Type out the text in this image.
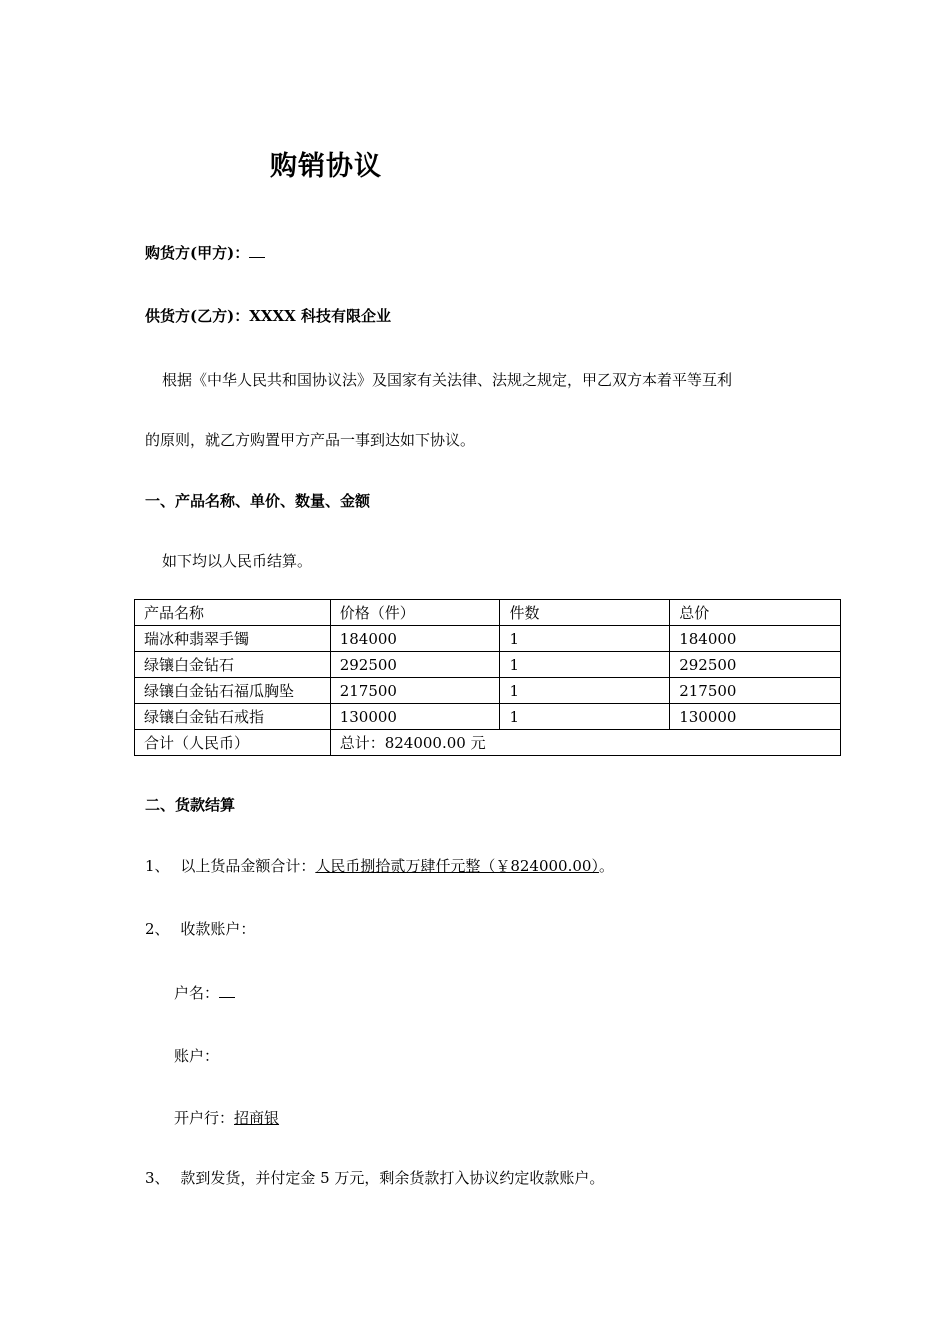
购销协议
购货方(甲方)：
供货方(乙方)：XXXX 科技有限企业
根据《中华人民共和国协议法》及国家有关法律、法规之规定，甲乙双方本着平等互利
的原则，就乙方购置甲方产品一事到达如下协议。
一、产品名称、单价、数量、金额
如下均以人民币结算。
产品名称	价格（件）	件数	总价
瑞冰种翡翠手镯	184000	1	184000
绿镶白金钻石	292500	1	292500
绿镶白金钻石福瓜胸坠	217500	1	217500
绿镶白金钻石戒指	130000	1	130000
合计（人民币）	总计：824000.00 元		
二、货款结算
1、 以上货品金额合计：人民币捌拾贰万肆仟元整（￥824000.00）。
2、 收款账户：
户名：
账户：
开户行：招商银
3、 款到发货，并付定金 5 万元，剩余货款打入协议约定收款账户。
